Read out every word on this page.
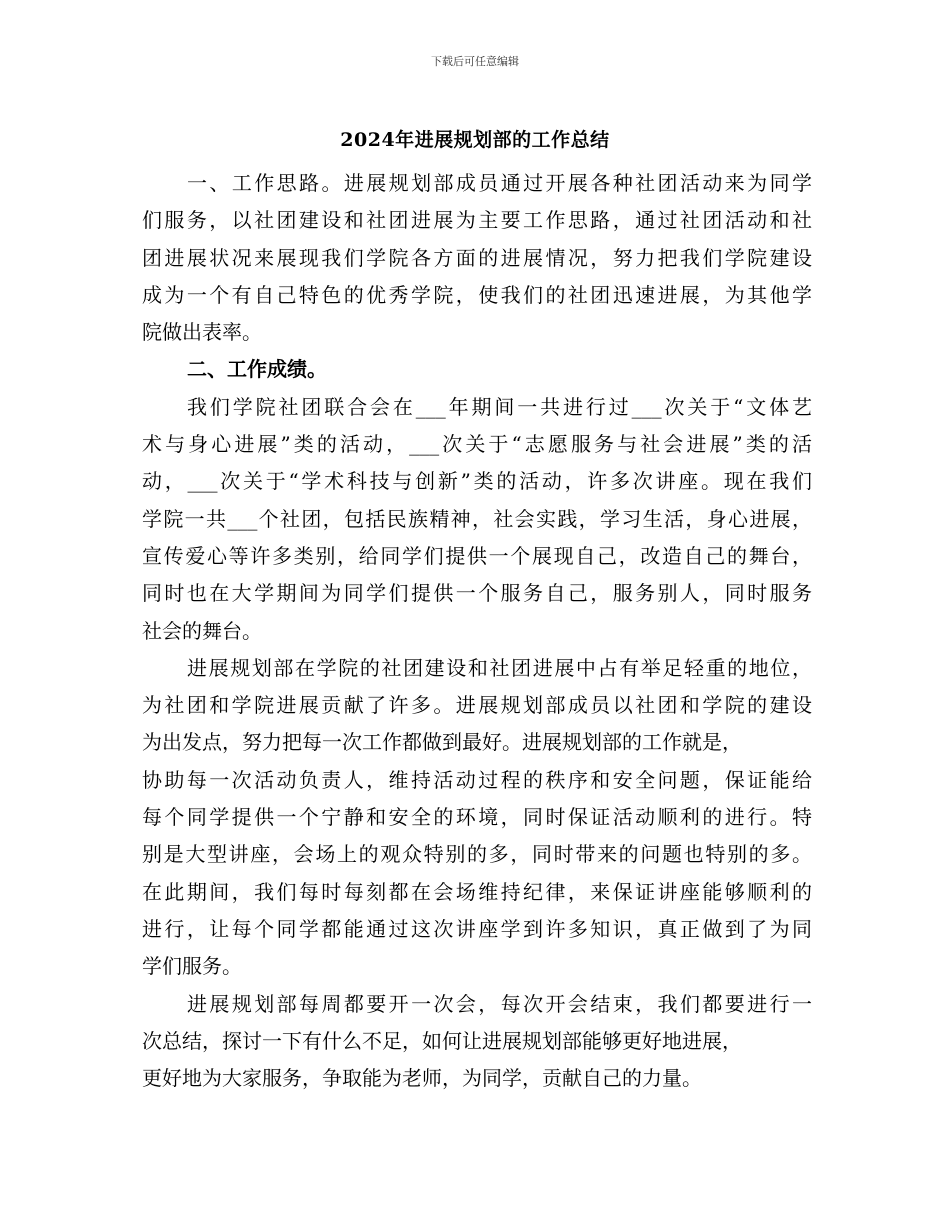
下载后可任意编辑
2024年进展规划部的工作总结
一、工作思路。进展规划部成员通过开展各种社团活动来为同学
们服务，以社团建设和社团进展为主要工作思路，通过社团活动和社
团进展状况来展现我们学院各方面的进展情况，努力把我们学院建设
成为一个有自己特色的优秀学院，使我们的社团迅速进展，为其他学
院做出表率。
二、工作成绩。
我们学院社团联合会在___年期间一共进行过___次关于“文体艺
术与身心进展”类的活动，___次关于“志愿服务与社会进展”类的活
动，___次关于“学术科技与创新”类的活动，许多次讲座。现在我们
学院一共___个社团，包括民族精神，社会实践，学习生活，身心进展，
宣传爱心等许多类别，给同学们提供一个展现自己，改造自己的舞台，
同时也在大学期间为同学们提供一个服务自己，服务别人，同时服务
社会的舞台。
进展规划部在学院的社团建设和社团进展中占有举足轻重的地位，
为社团和学院进展贡献了许多。进展规划部成员以社团和学院的建设
为出发点，努力把每一次工作都做到最好。进展规划部的工作就是，
协助每一次活动负责人，维持活动过程的秩序和安全问题，保证能给
每个同学提供一个宁静和安全的环境，同时保证活动顺利的进行。特
别是大型讲座，会场上的观众特别的多，同时带来的问题也特别的多。
在此期间，我们每时每刻都在会场维持纪律，来保证讲座能够顺利的
进行，让每个同学都能通过这次讲座学到许多知识，真正做到了为同
学们服务。
进展规划部每周都要开一次会，每次开会结束，我们都要进行一
次总结，探讨一下有什么不足，如何让进展规划部能够更好地进展，
更好地为大家服务，争取能为老师，为同学，贡献自己的力量。
